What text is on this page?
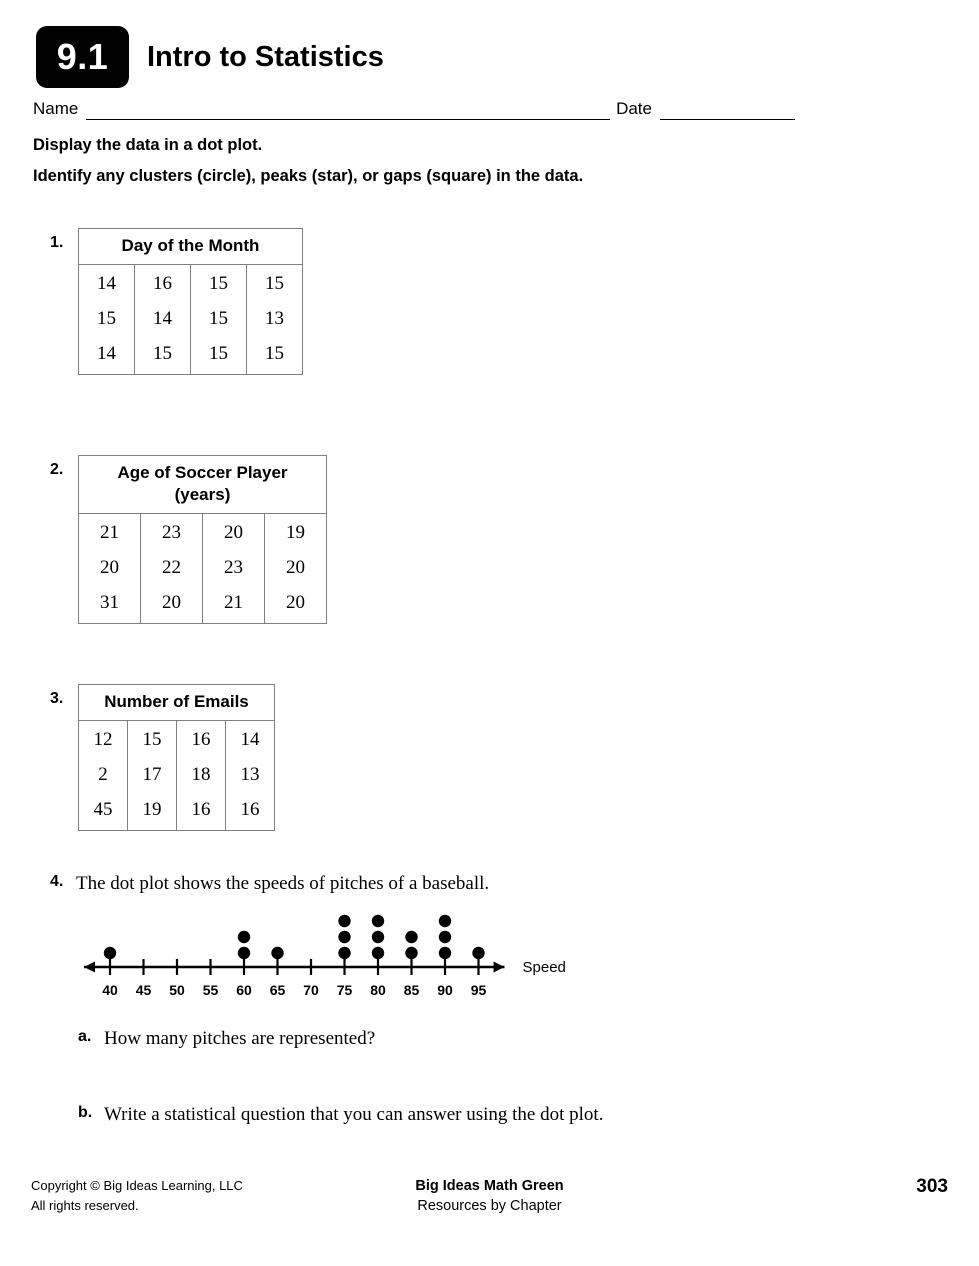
9.1 Intro to Statistics
Name	Date
Display the data in a dot plot.
Identify any clusters (circle), peaks (star), or gaps (square) in the data.
1.	Day of the Month			
14	16	15	15
15	14	15	13
14	15	15	15
2.	Age of Soccer Player
(years)			

21	23	20	19
20	22	23	20
31	20	21	20
3.	Number of Emails			
12	15	16	14
2	17	18	13
45	19	16	16
4. The dot plot shows the speeds of pitches of a baseball.
40 45 50 55 60 65 70 75 80 85 90 95
Speed
a. How many pitches are represented?
b. Write a statistical question that you can answer using the dot plot.
Copyright © Big Ideas Learning, LLC
All rights reserved.
Big Ideas Math Green
Resources by Chapter
303
